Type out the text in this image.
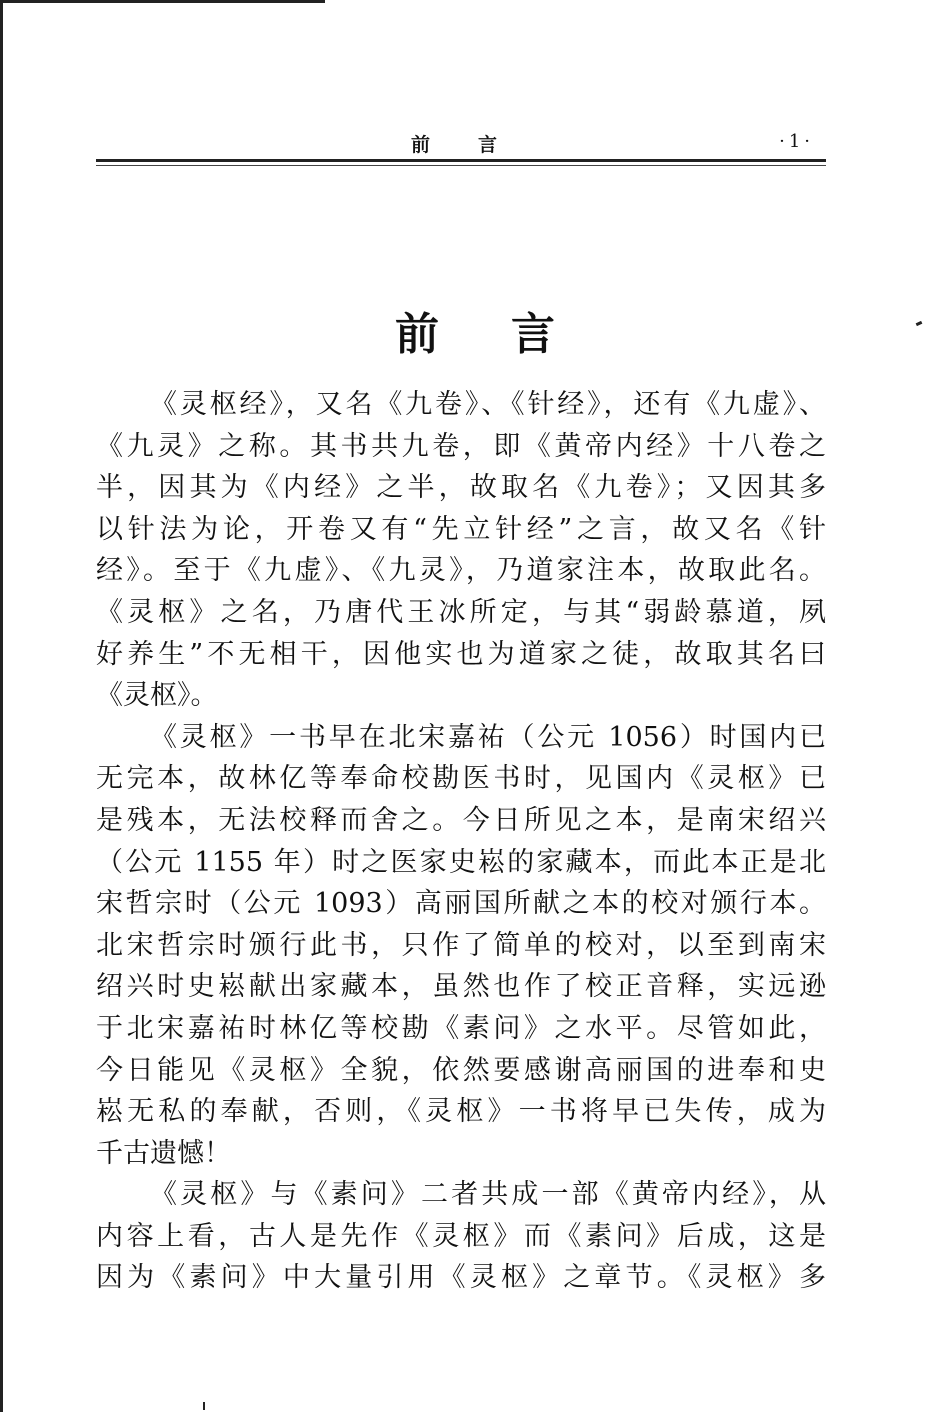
前言	·1·
前言
《灵枢经》，又名《九卷》、《针经》，还有《九虚》、
《九灵》之称。其书共九卷，即《黄帝内经》十八卷之
半，因其为《内经》之半，故取名《九卷》；又因其多
以针法为论，开卷又有“先立针经”之言，故又名《针
经》。至于《九虚》、《九灵》，乃道家注本，故取此名。
《灵枢》之名，乃唐代王冰所定，与其“弱龄慕道，夙
好养生”不无相干，因他实也为道家之徒，故取其名曰
《灵枢》。
《灵枢》一书早在北宋嘉祐（公元 1056）时国内已
无完本，故林亿等奉命校勘医书时，见国内《灵枢》已
是残本，无法校释而舍之。今日所见之本，是南宋绍兴
（公元 1155 年）时之医家史崧的家藏本，而此本正是北
宋哲宗时（公元 1093）高丽国所献之本的校对颁行本。
北宋哲宗时颁行此书，只作了简单的校对，以至到南宋
绍兴时史崧献出家藏本，虽然也作了校正音释，实远逊
于北宋嘉祐时林亿等校勘《素问》之水平。尽管如此，
今日能见《灵枢》全貌，依然要感谢高丽国的进奉和史
崧无私的奉献，否则，《灵枢》一书将早已失传，成为
千古遗憾！
《灵枢》与《素问》二者共成一部《黄帝内经》，从
内容上看，古人是先作《灵枢》而《素问》后成，这是
因为《素问》中大量引用《灵枢》之章节。《灵枢》多
